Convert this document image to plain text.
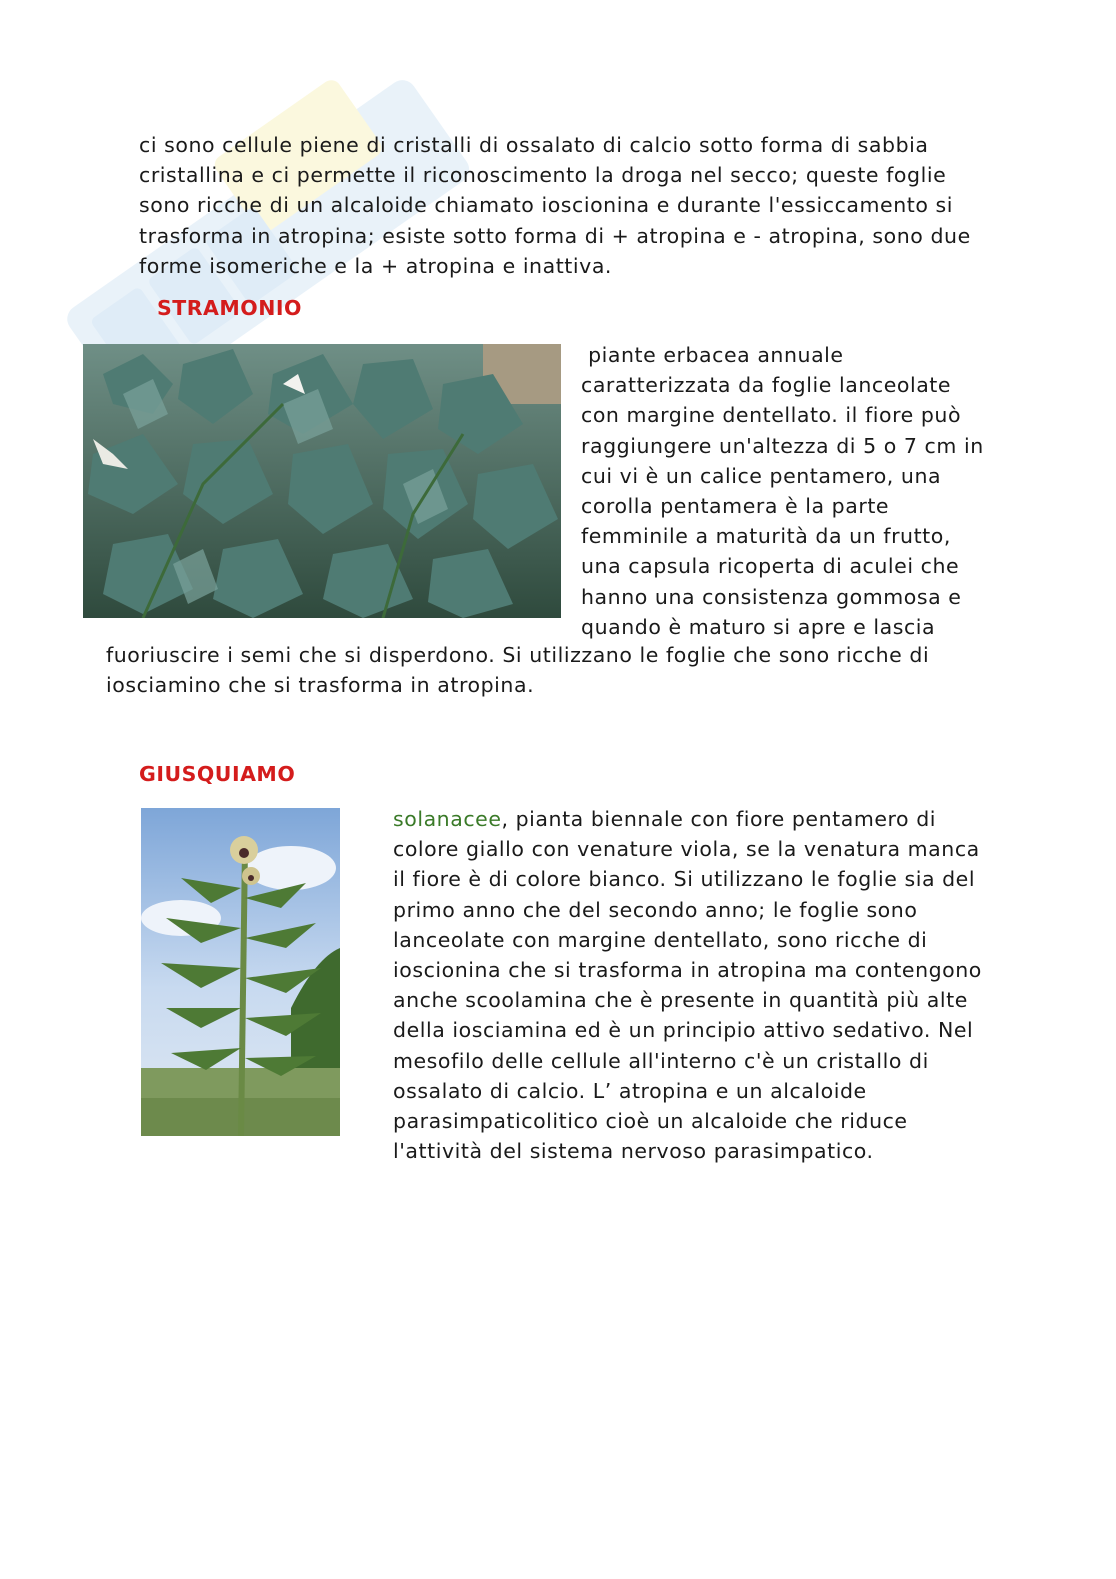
ci sono cellule piene di cristalli di ossalato di calcio sotto forma di sabbia
cristallina e ci permette il riconoscimento la droga nel secco; queste foglie
sono ricche di un alcaloide chiamato ioscionina e durante l'essiccamento si
trasforma in atropina; esiste sotto forma di + atropina e - atropina, sono due
forme isomeriche e la + atropina e inattiva.

STRAMONIO

piante erbacea annuale
caratterizzata da foglie lanceolate
con margine dentellato. il fiore può
raggiungere un'altezza di 5 o 7 cm in
cui vi è un calice pentamero, una
corolla pentamera è la parte
femminile a maturità da un frutto,
una capsula ricoperta di aculei che
hanno una consistenza gommosa e
quando è maturo si apre e lascia

fuoriuscire i semi che si disperdono. Si utilizzano le foglie che sono ricche di
iosciamino che si trasforma in atropina.

GIUSQUIAMO

solanacee, pianta biennale con fiore pentamero di
colore giallo con venature viola, se la venatura manca
il fiore è di colore bianco. Si utilizzano le foglie sia del
primo anno che del secondo anno; le foglie sono
lanceolate con margine dentellato, sono ricche di
ioscionina che si trasforma in atropina ma contengono
anche scoolamina che è presente in quantità più alte
della iosciamina ed è un principio attivo sedativo. Nel
mesofilo delle cellule all'interno c'è un cristallo di
ossalato di calcio. L’ atropina e un alcaloide
parasimpaticolitico cioè un alcaloide che riduce
l'attività del sistema nervoso parasimpatico.
